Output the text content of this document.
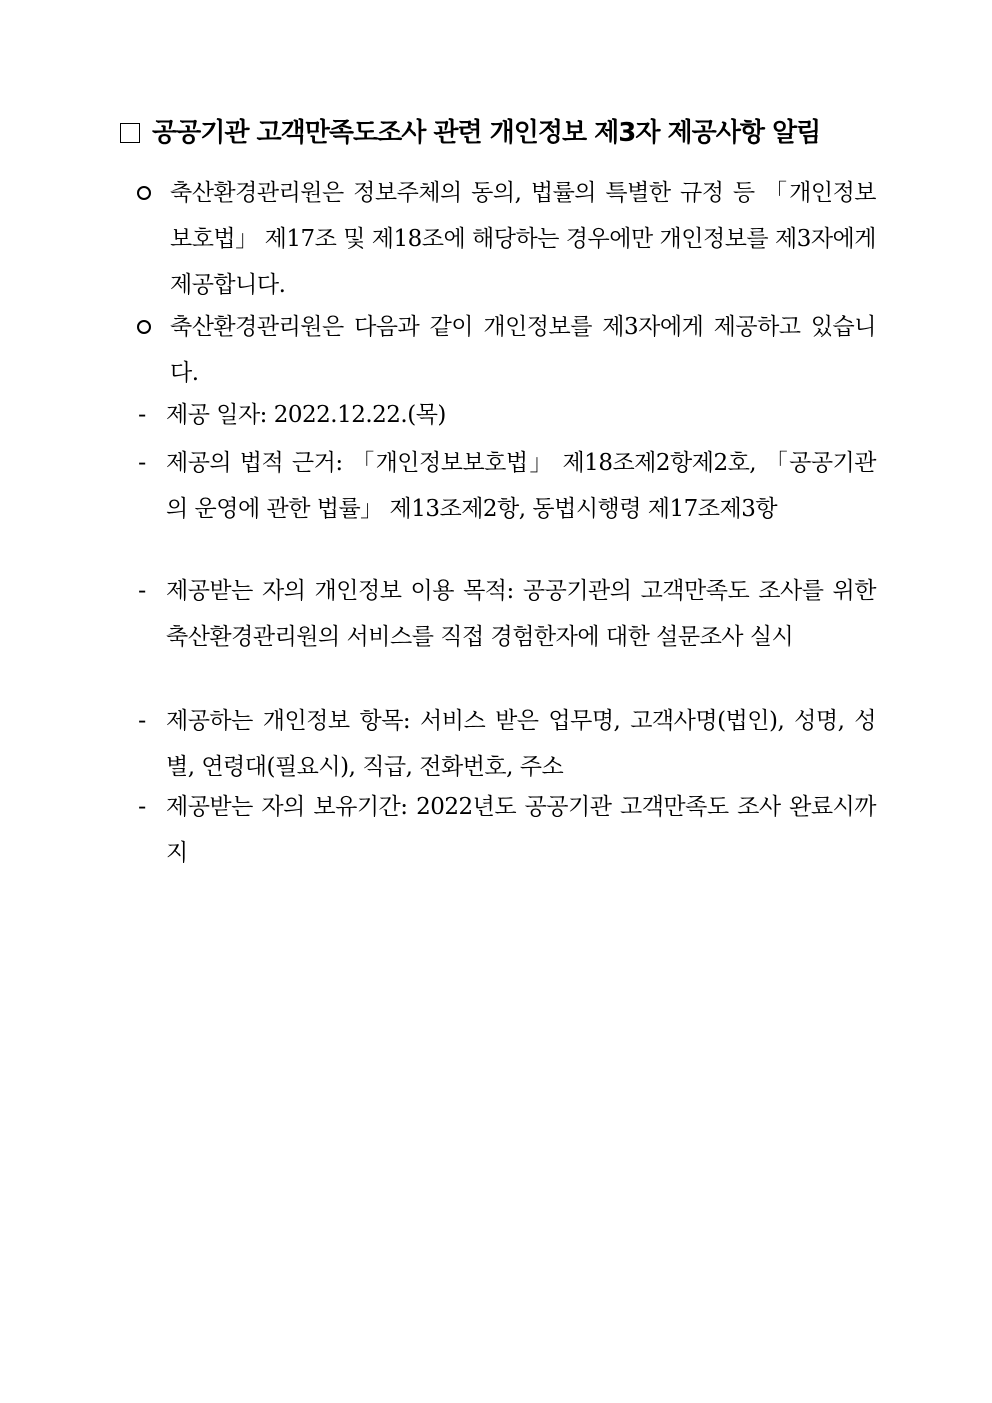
공공기관 고객만족도조사 관련 개인정보 제3자 제공사항 알림
축산환경관리원은 정보주체의 동의, 법률의 특별한 규정 등 「개인정보보호법」 제17조 및 제18조에 해당하는 경우에만 개인정보를 제3자에게 제공합니다.
축산환경관리원은 다음과 같이 개인정보를 제3자에게 제공하고 있습니다.
- 제공 일자: 2022.12.22.(목)
- 제공의 법적 근거: 「개인정보보호법」 제18조제2항제2호, 「공공기관의 운영에 관한 법률」 제13조제2항, 동법시행령 제17조제3항
- 제공받는 자의 개인정보 이용 목적: 공공기관의 고객만족도 조사를 위한 축산환경관리원의 서비스를 직접 경험한자에 대한 설문조사 실시
- 제공하는 개인정보 항목: 서비스 받은 업무명, 고객사명(법인), 성명, 성별, 연령대(필요시), 직급, 전화번호, 주소
- 제공받는 자의 보유기간: 2022년도 공공기관 고객만족도 조사 완료시까지
